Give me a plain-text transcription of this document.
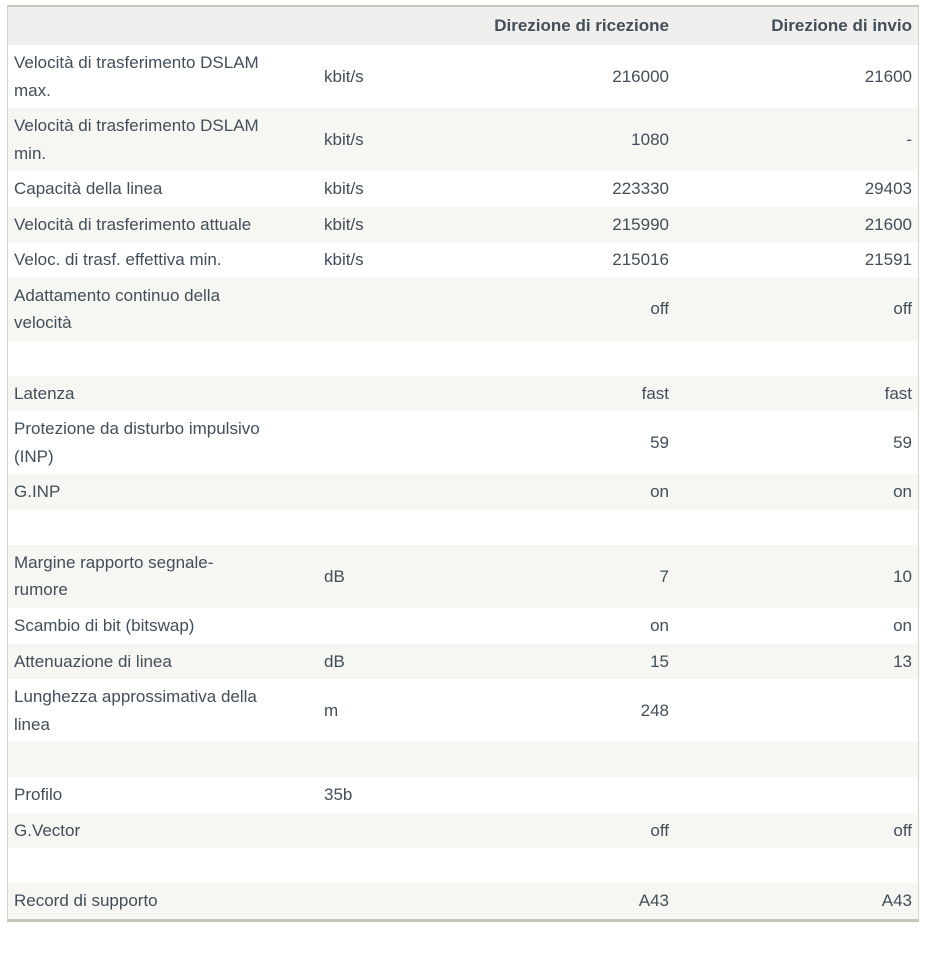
		Direzione di ricezione	Direzione di invio
Velocità di trasferimento DSLAM max.	kbit/s	216000	21600
Velocità di trasferimento DSLAM min.	kbit/s	1080	-
Capacità della linea	kbit/s	223330	29403
Velocità di trasferimento attuale	kbit/s	215990	21600
Veloc. di trasf. effettiva min.	kbit/s	215016	21591
Adattamento continuo della velocità		off	off

Latenza		fast	fast
Protezione da disturbo impulsivo (INP)		59	59
G.INP		on	on

Margine rapporto segnale-rumore	dB	7	10
Scambio di bit (bitswap)		on	on
Attenuazione di linea	dB	15	13
Lunghezza approssimativa della linea	m	248	

Profilo	35b		
G.Vector		off	off

Record di supporto		A43	A43
